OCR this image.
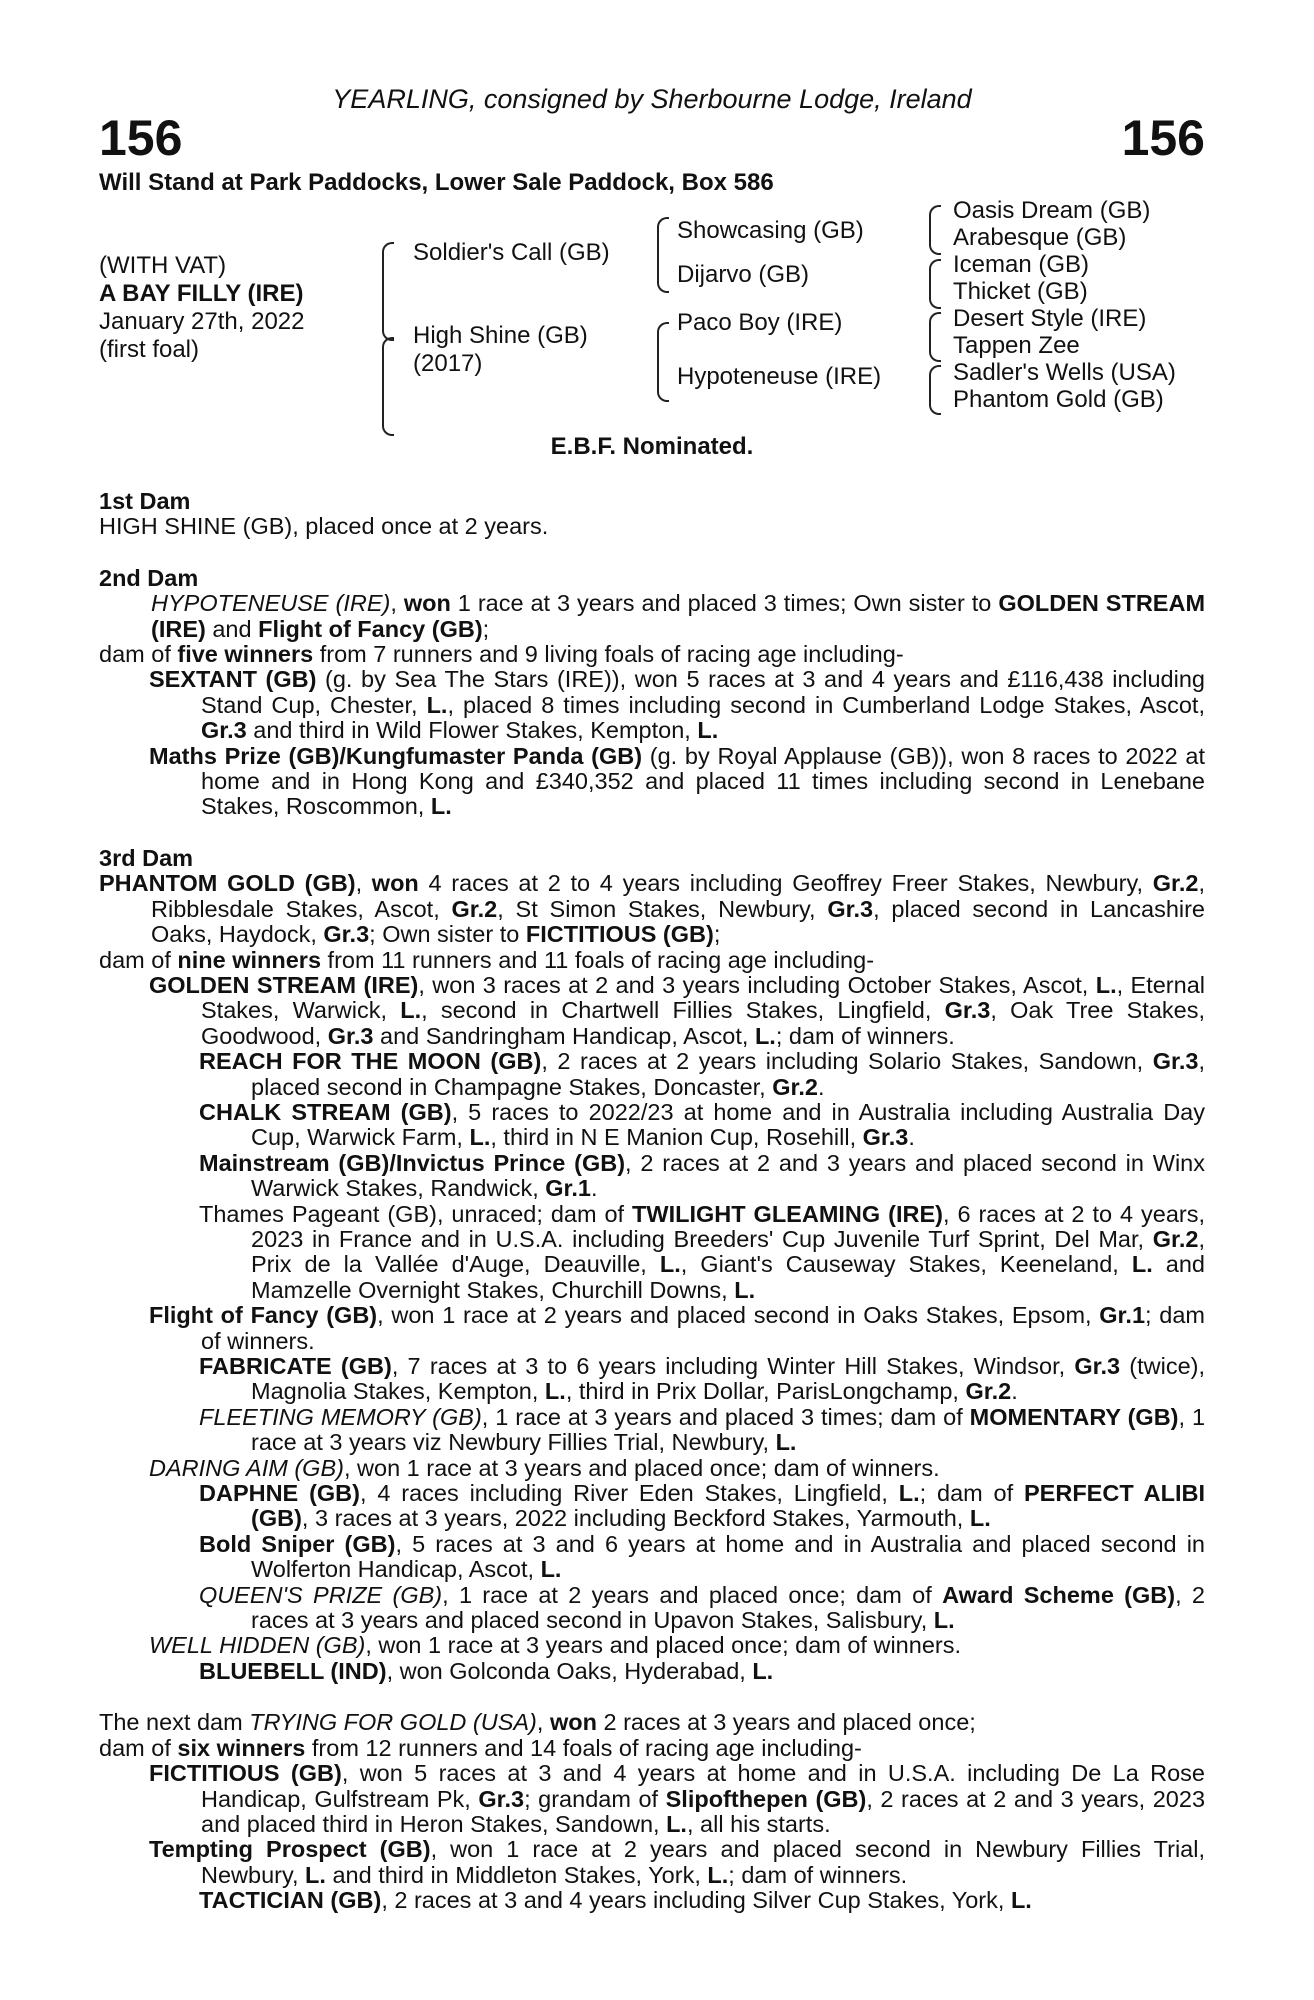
YEARLING, consigned by Sherbourne Lodge, Ireland
156	156
Will Stand at Park Paddocks, Lower Sale Paddock, Box 586
(WITH VAT)
A BAY FILLY (IRE)
January 27th, 2022
(first foal)
Soldier's Call (GB)
High Shine (GB)
(2017)
Showcasing (GB)
Dijarvo (GB)
Paco Boy (IRE)
Hypoteneuse (IRE)
Oasis Dream (GB)
Arabesque (GB)
Iceman (GB)
Thicket (GB)
Desert Style (IRE)
Tappen Zee
Sadler's Wells (USA)
Phantom Gold (GB)
E.B.F. Nominated.
1st Dam
HIGH SHINE (GB), placed once at 2 years.
2nd Dam
HYPOTENEUSE (IRE), won 1 race at 3 years and placed 3 times; Own sister to GOLDEN STREAM (IRE) and Flight of Fancy (GB);
dam of five winners from 7 runners and 9 living foals of racing age including-
SEXTANT (GB) (g. by Sea The Stars (IRE)), won 5 races at 3 and 4 years and £116,438 including Stand Cup, Chester, L., placed 8 times including second in Cumberland Lodge Stakes, Ascot, Gr.3 and third in Wild Flower Stakes, Kempton, L.
Maths Prize (GB)/Kungfumaster Panda (GB) (g. by Royal Applause (GB)), won 8 races to 2022 at home and in Hong Kong and £340,352 and placed 11 times including second in Lenebane Stakes, Roscommon, L.
3rd Dam
PHANTOM GOLD (GB), won 4 races at 2 to 4 years including Geoffrey Freer Stakes, Newbury, Gr.2, Ribblesdale Stakes, Ascot, Gr.2, St Simon Stakes, Newbury, Gr.3, placed second in Lancashire Oaks, Haydock, Gr.3; Own sister to FICTITIOUS (GB);
dam of nine winners from 11 runners and 11 foals of racing age including-
GOLDEN STREAM (IRE), won 3 races at 2 and 3 years including October Stakes, Ascot, L., Eternal Stakes, Warwick, L., second in Chartwell Fillies Stakes, Lingfield, Gr.3, Oak Tree Stakes, Goodwood, Gr.3 and Sandringham Handicap, Ascot, L.; dam of winners.
REACH FOR THE MOON (GB), 2 races at 2 years including Solario Stakes, Sandown, Gr.3, placed second in Champagne Stakes, Doncaster, Gr.2.
CHALK STREAM (GB), 5 races to 2022/23 at home and in Australia including Australia Day Cup, Warwick Farm, L., third in N E Manion Cup, Rosehill, Gr.3.
Mainstream (GB)/Invictus Prince (GB), 2 races at 2 and 3 years and placed second in Winx Warwick Stakes, Randwick, Gr.1.
Thames Pageant (GB), unraced; dam of TWILIGHT GLEAMING (IRE), 6 races at 2 to 4 years, 2023 in France and in U.S.A. including Breeders' Cup Juvenile Turf Sprint, Del Mar, Gr.2, Prix de la Vallée d'Auge, Deauville, L., Giant's Causeway Stakes, Keeneland, L. and Mamzelle Overnight Stakes, Churchill Downs, L.
Flight of Fancy (GB), won 1 race at 2 years and placed second in Oaks Stakes, Epsom, Gr.1; dam of winners.
FABRICATE (GB), 7 races at 3 to 6 years including Winter Hill Stakes, Windsor, Gr.3 (twice), Magnolia Stakes, Kempton, L., third in Prix Dollar, ParisLongchamp, Gr.2.
FLEETING MEMORY (GB), 1 race at 3 years and placed 3 times; dam of MOMENTARY (GB), 1 race at 3 years viz Newbury Fillies Trial, Newbury, L.
DARING AIM (GB), won 1 race at 3 years and placed once; dam of winners.
DAPHNE (GB), 4 races including River Eden Stakes, Lingfield, L.; dam of PERFECT ALIBI (GB), 3 races at 3 years, 2022 including Beckford Stakes, Yarmouth, L.
Bold Sniper (GB), 5 races at 3 and 6 years at home and in Australia and placed second in Wolferton Handicap, Ascot, L.
QUEEN'S PRIZE (GB), 1 race at 2 years and placed once; dam of Award Scheme (GB), 2 races at 3 years and placed second in Upavon Stakes, Salisbury, L.
WELL HIDDEN (GB), won 1 race at 3 years and placed once; dam of winners.
BLUEBELL (IND), won Golconda Oaks, Hyderabad, L.
The next dam TRYING FOR GOLD (USA), won 2 races at 3 years and placed once;
dam of six winners from 12 runners and 14 foals of racing age including-
FICTITIOUS (GB), won 5 races at 3 and 4 years at home and in U.S.A. including De La Rose Handicap, Gulfstream Pk, Gr.3; grandam of Slipofthepen (GB), 2 races at 2 and 3 years, 2023 and placed third in Heron Stakes, Sandown, L., all his starts.
Tempting Prospect (GB), won 1 race at 2 years and placed second in Newbury Fillies Trial, Newbury, L. and third in Middleton Stakes, York, L.; dam of winners.
TACTICIAN (GB), 2 races at 3 and 4 years including Silver Cup Stakes, York, L.
